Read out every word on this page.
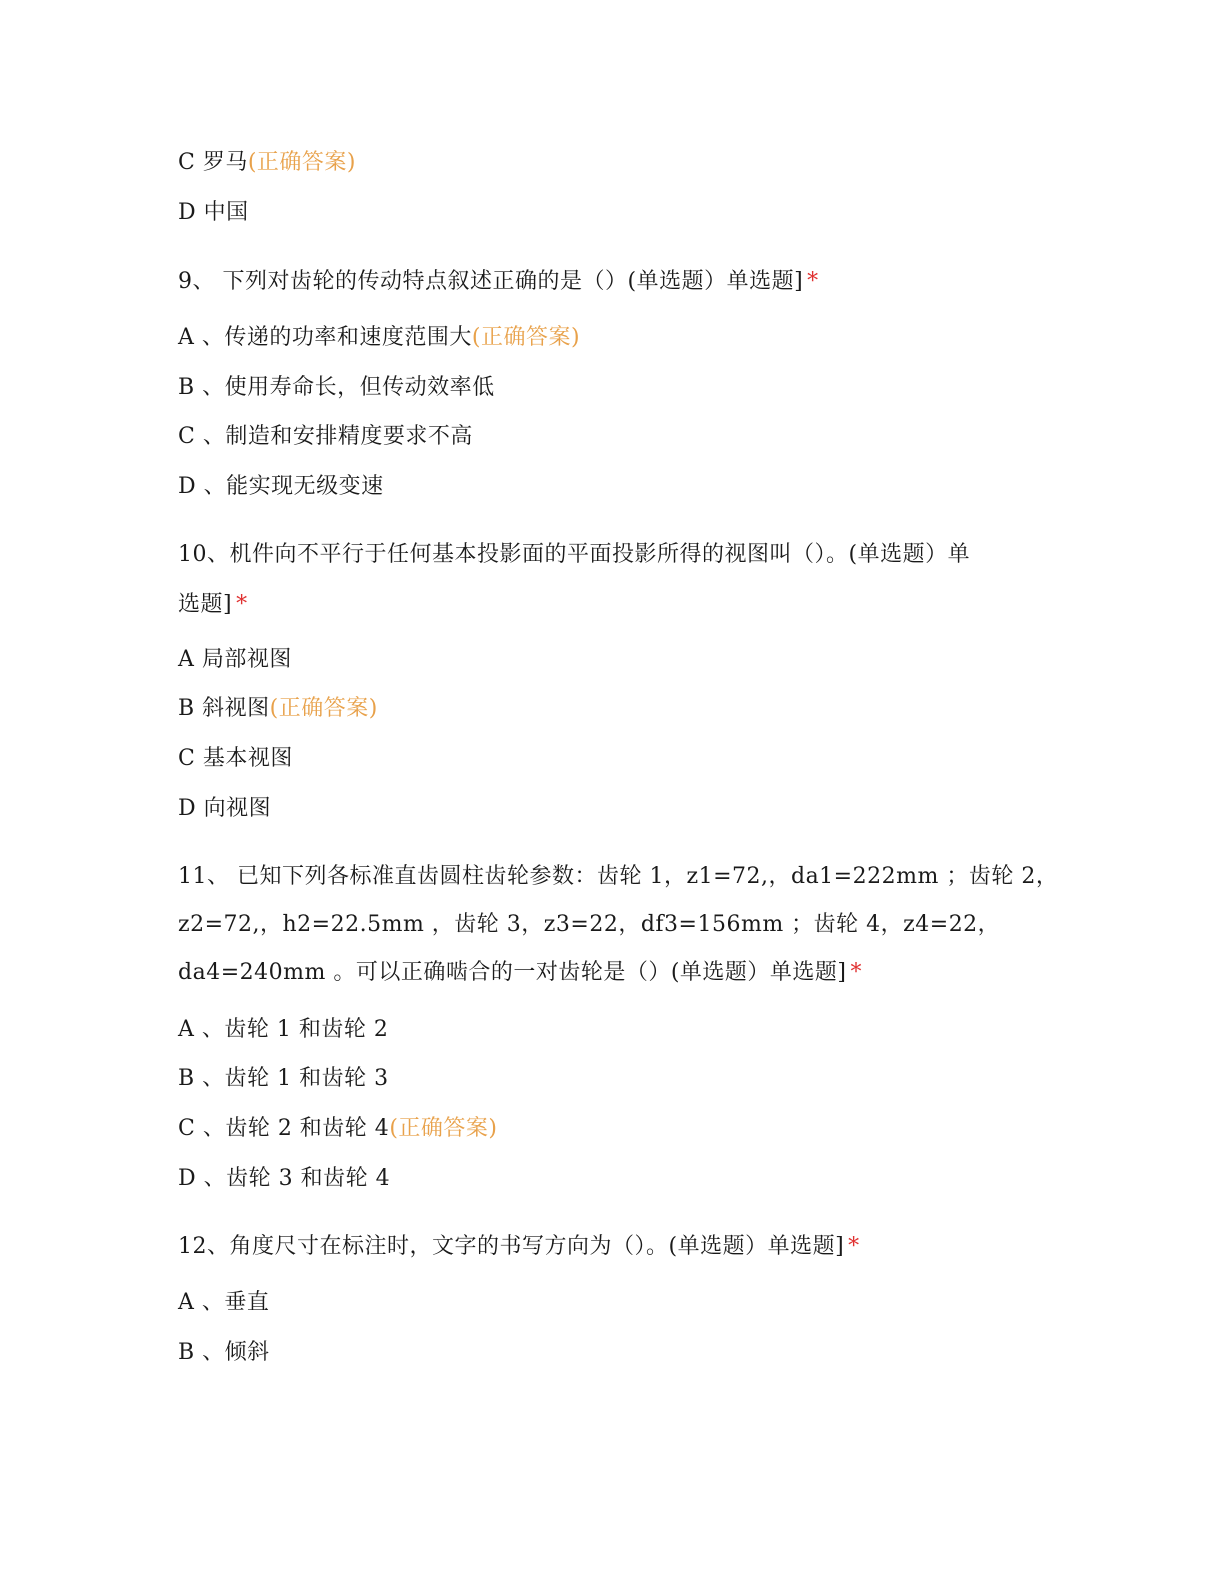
C 罗马(正确答案)
D 中国
9、 下列对齿轮的传动特点叙述正确的是（）(单选题）单选题] *
A 、传递的功率和速度范围大(正确答案)
B 、使用寿命长，但传动效率低
C 、制造和安排精度要求不高
D 、能实现无级变速
10、机件向不平行于任何基本投影面的平面投影所得的视图叫（）。(单选题）单
选题] *
A 局部视图
B 斜视图(正确答案)
C 基本视图
D 向视图
11、 已知下列各标准直齿圆柱齿轮参数：齿轮 1，z1=72,，da1=222mm ；齿轮 2，
z2=72,，h2=22.5mm ，齿轮 3，z3=22，df3=156mm ；齿轮 4，z4=22，
da4=240mm 。可以正确啮合的一对齿轮是（）(单选题）单选题] *
A 、齿轮 1 和齿轮 2
B 、齿轮 1 和齿轮 3
C 、齿轮 2 和齿轮 4(正确答案)
D 、齿轮 3 和齿轮 4
12、角度尺寸在标注时，文字的书写方向为（）。(单选题）单选题] *
A 、垂直
B 、倾斜
